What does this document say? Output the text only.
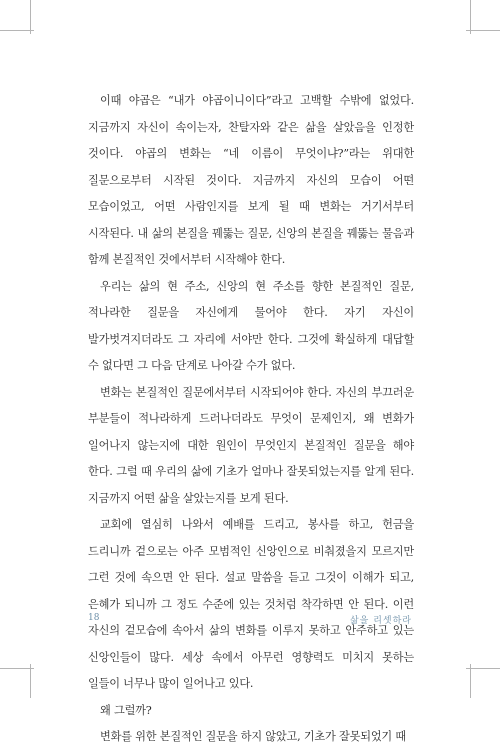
이때 야곱은 “내가 야곱이니이다”라고 고백할 수밖에 없었다. 지금까지 자신이 속이는자, 찬탈자와 같은 삶을 살았음을 인정한 것이다. 야곱의 변화는 “네 이름이 무엇이냐?”라는 위대한 질문으로부터 시작된 것이다. 지금까지 자신의 모습이 어떤 모습이었고, 어떤 사람인지를 보게 될 때 변화는 거기서부터 시작된다. 내 삶의 본질을 꿰뚫는 질문, 신앙의 본질을 꿰뚫는 물음과 함께 본질적인 것에서부터 시작해야 한다.

우리는 삶의 현 주소, 신앙의 현 주소를 향한 본질적인 질문, 적나라한 질문을 자신에게 물어야 한다. 자기 자신이 발가벗겨지더라도 그 자리에 서야만 한다. 그것에 확실하게 대답할 수 없다면 그 다음 단계로 나아갈 수가 없다.

변화는 본질적인 질문에서부터 시작되어야 한다. 자신의 부끄러운 부분들이 적나라하게 드러나더라도 무엇이 문제인지, 왜 변화가 일어나지 않는지에 대한 원인이 무엇인지 본질적인 질문을 해야 한다. 그럴 때 우리의 삶에 기초가 얼마나 잘못되었는지를 알게 된다. 지금까지 어떤 삶을 살았는지를 보게 된다.

교회에 열심히 나와서 예배를 드리고, 봉사를 하고, 헌금을 드리니까 겉으로는 아주 모범적인 신앙인으로 비춰졌을지 모르지만 그런 것에 속으면 안 된다. 설교 말씀을 듣고 그것이 이해가 되고, 은혜가 되니까 그 정도 수준에 있는 것처럼 착각하면 안 된다. 이런 자신의 겉모습에 속아서 삶의 변화를 이루지 못하고 안주하고 있는 신앙인들이 많다. 세상 속에서 아무런 영향력도 미치지 못하는 일들이 너무나 많이 일어나고 있다.

왜 그럴까?

변화를 위한 본질적인 질문을 하지 않았고, 기초가 잘못되었기 때

18	삶을 리셋하라
